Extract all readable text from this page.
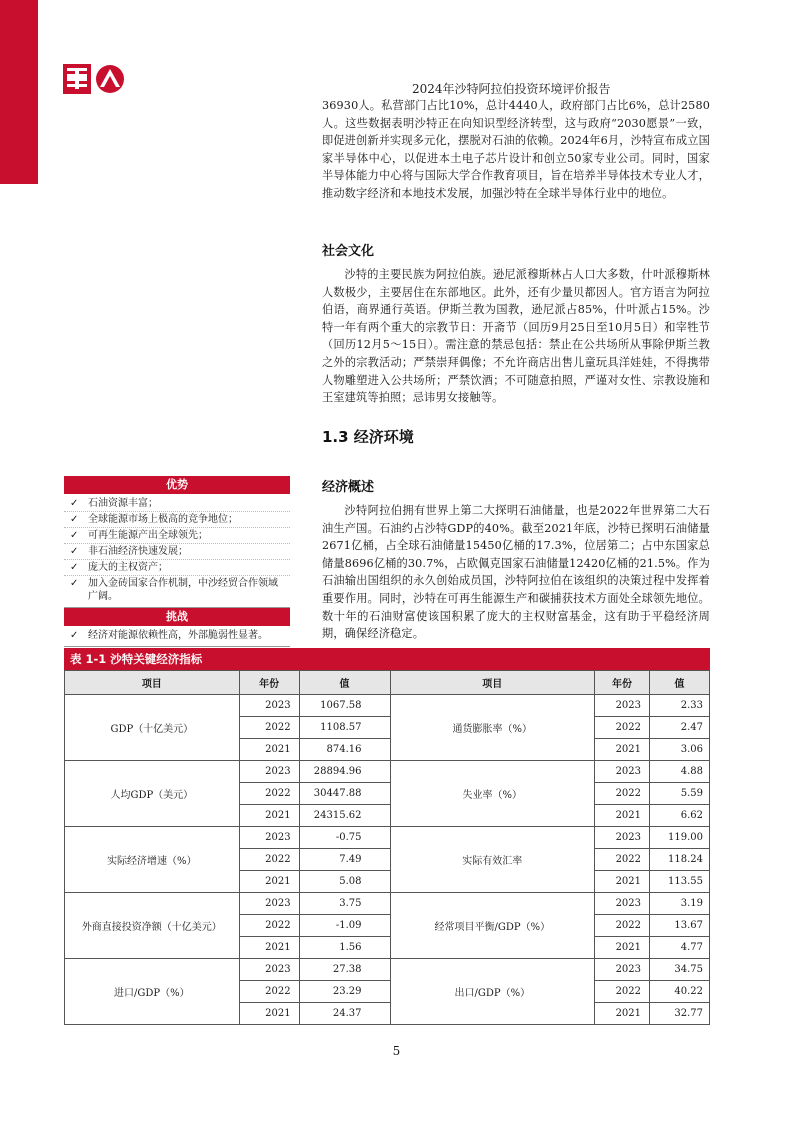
2024年沙特阿拉伯投资环境评价报告

36930人。私营部门占比10%，总计4440人，政府部门占比6%，总计2580人。这些数据表明沙特正在向知识型经济转型，这与政府“2030愿景”一致，即促进创新并实现多元化，摆脱对石油的依赖。2024年6月，沙特宣布成立国家半导体中心，以促进本土电子芯片设计和创立50家专业公司。同时，国家半导体能力中心将与国际大学合作教育项目，旨在培养半导体技术专业人才，推动数字经济和本地技术发展，加强沙特在全球半导体行业中的地位。

社会文化

沙特的主要民族为阿拉伯族。逊尼派穆斯林占人口大多数，什叶派穆斯林人数极少，主要居住在东部地区。此外，还有少量贝都因人。官方语言为阿拉伯语，商界通行英语。伊斯兰教为国教，逊尼派占85%，什叶派占15%。沙特一年有两个重大的宗教节日：开斋节（回历9月25日至10月5日）和宰牲节（回历12月5～15日）。需注意的禁忌包括：禁止在公共场所从事除伊斯兰教之外的宗教活动；严禁崇拜偶像；不允许商店出售儿童玩具洋娃娃，不得携带人物雕塑进入公共场所；严禁饮酒；不可随意拍照，严谨对女性、宗教设施和王室建筑等拍照；忌讳男女接触等。

1.3 经济环境
经济概述

沙特阿拉伯拥有世界上第二大探明石油储量，也是2022年世界第二大石油生产国。石油约占沙特GDP的40%。截至2021年底，沙特已探明石油储量2671亿桶，占全球石油储量15450亿桶的17.3%，位居第二；占中东国家总储量8696亿桶的30.7%，占欧佩克国家石油储量12420亿桶的21.5%。作为石油输出国组织的永久创始成员国，沙特阿拉伯在该组织的决策过程中发挥着重要作用。同时，沙特在可再生能源生产和碳捕获技术方面处全球领先地位。数十年的石油财富使该国积累了庞大的主权财富基金，这有助于平稳经济周期，确保经济稳定。

优势
✓ 石油资源丰富；
✓ 全球能源市场上极高的竞争地位；
✓ 可再生能源产出全球领先；
✓ 非石油经济快速发展；
✓ 庞大的主权资产；
✓ 加入金砖国家合作机制，中沙经贸合作领域广阔。
挑战
✓ 经济对能源依赖性高，外部脆弱性显著。
表 1-1 沙特关键经济指标
项目	年份	值	项目	年份	值
GDP（十亿美元）	2023	1067.58	通货膨胀率（%）	2023	2.33
	2022	1108.57		2022	2.47
	2021	874.16		2021	3.06
人均GDP（美元）	2023	28894.96	失业率（%）	2023	4.88
	2022	30447.88		2022	5.59
	2021	24315.62		2021	6.62
实际经济增速（%）	2023	-0.75	实际有效汇率	2023	119.00
	2022	7.49		2022	118.24
	2021	5.08		2021	113.55
外商直接投资净额（十亿美元）	2023	3.75	经常项目平衡/GDP（%）	2023	3.19
	2022	-1.09		2022	13.67
	2021	1.56		2021	4.77
进口/GDP（%）	2023	27.38	出口/GDP（%）	2023	34.75
	2022	23.29		2022	40.22
	2021	24.37		2021	32.77
5
